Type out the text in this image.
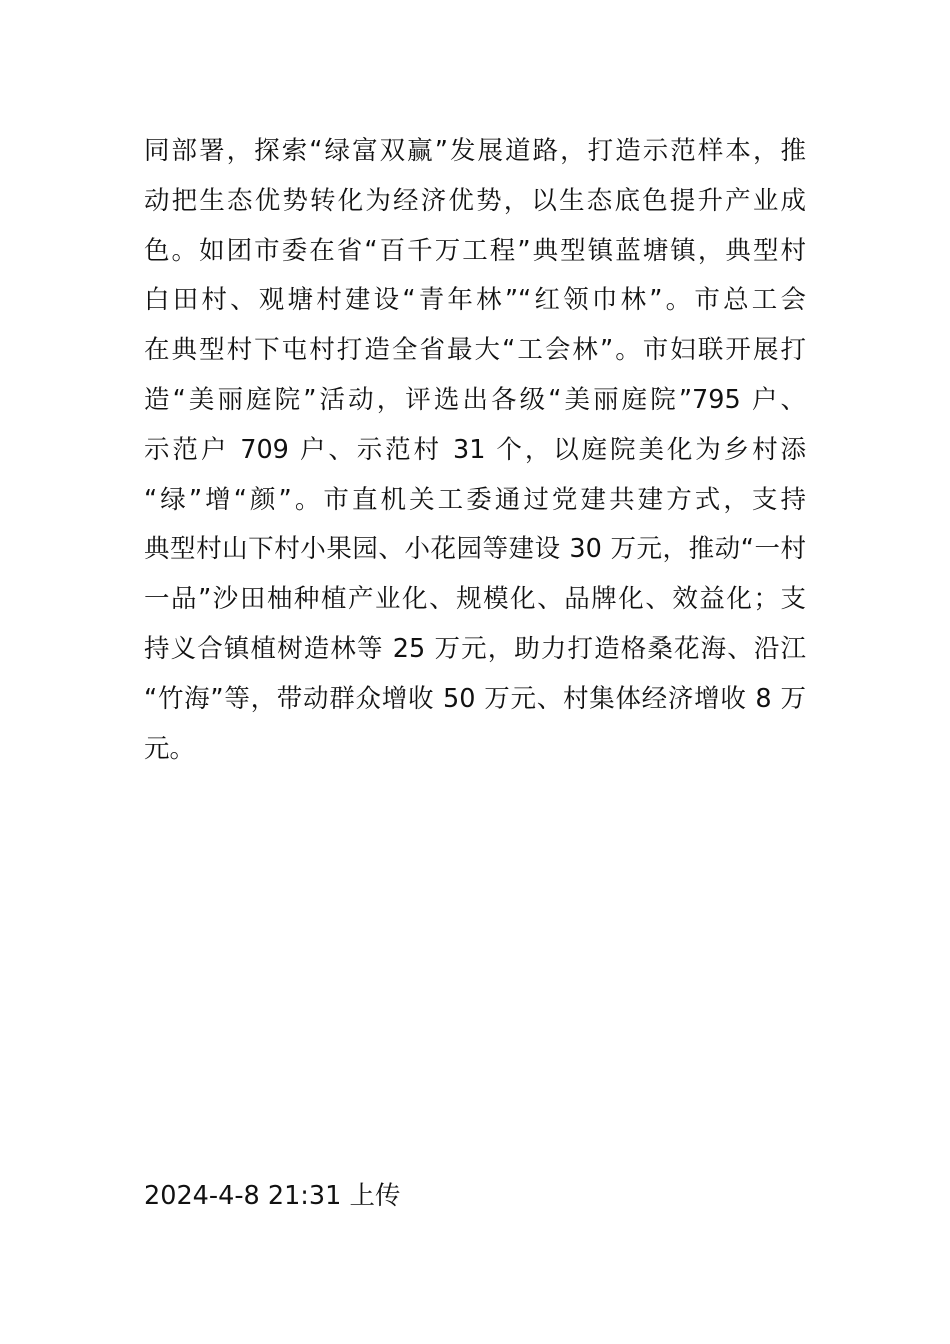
同部署，探索“绿富双赢”发展道路，打造示范样本，推
动把生态优势转化为经济优势，以生态底色提升产业成
色。如团市委在省“百千万工程”典型镇蓝塘镇，典型村
白田村、观塘村建设“青年林”“红领巾林”。市总工会
在典型村下屯村打造全省最大“工会林”。市妇联开展打
造“美丽庭院”活动，评选出各级“美丽庭院”795 户、
示范户 709 户、示范村 31 个，以庭院美化为乡村添
“绿”增“颜”。市直机关工委通过党建共建方式，支持
典型村山下村小果园、小花园等建设 30 万元，推动“一村
一品”沙田柚种植产业化、规模化、品牌化、效益化；支
持义合镇植树造林等 25 万元，助力打造格桑花海、沿江
“竹海”等，带动群众增收 50 万元、村集体经济增收 8 万
元。
2024-4-8 21:31 上传
